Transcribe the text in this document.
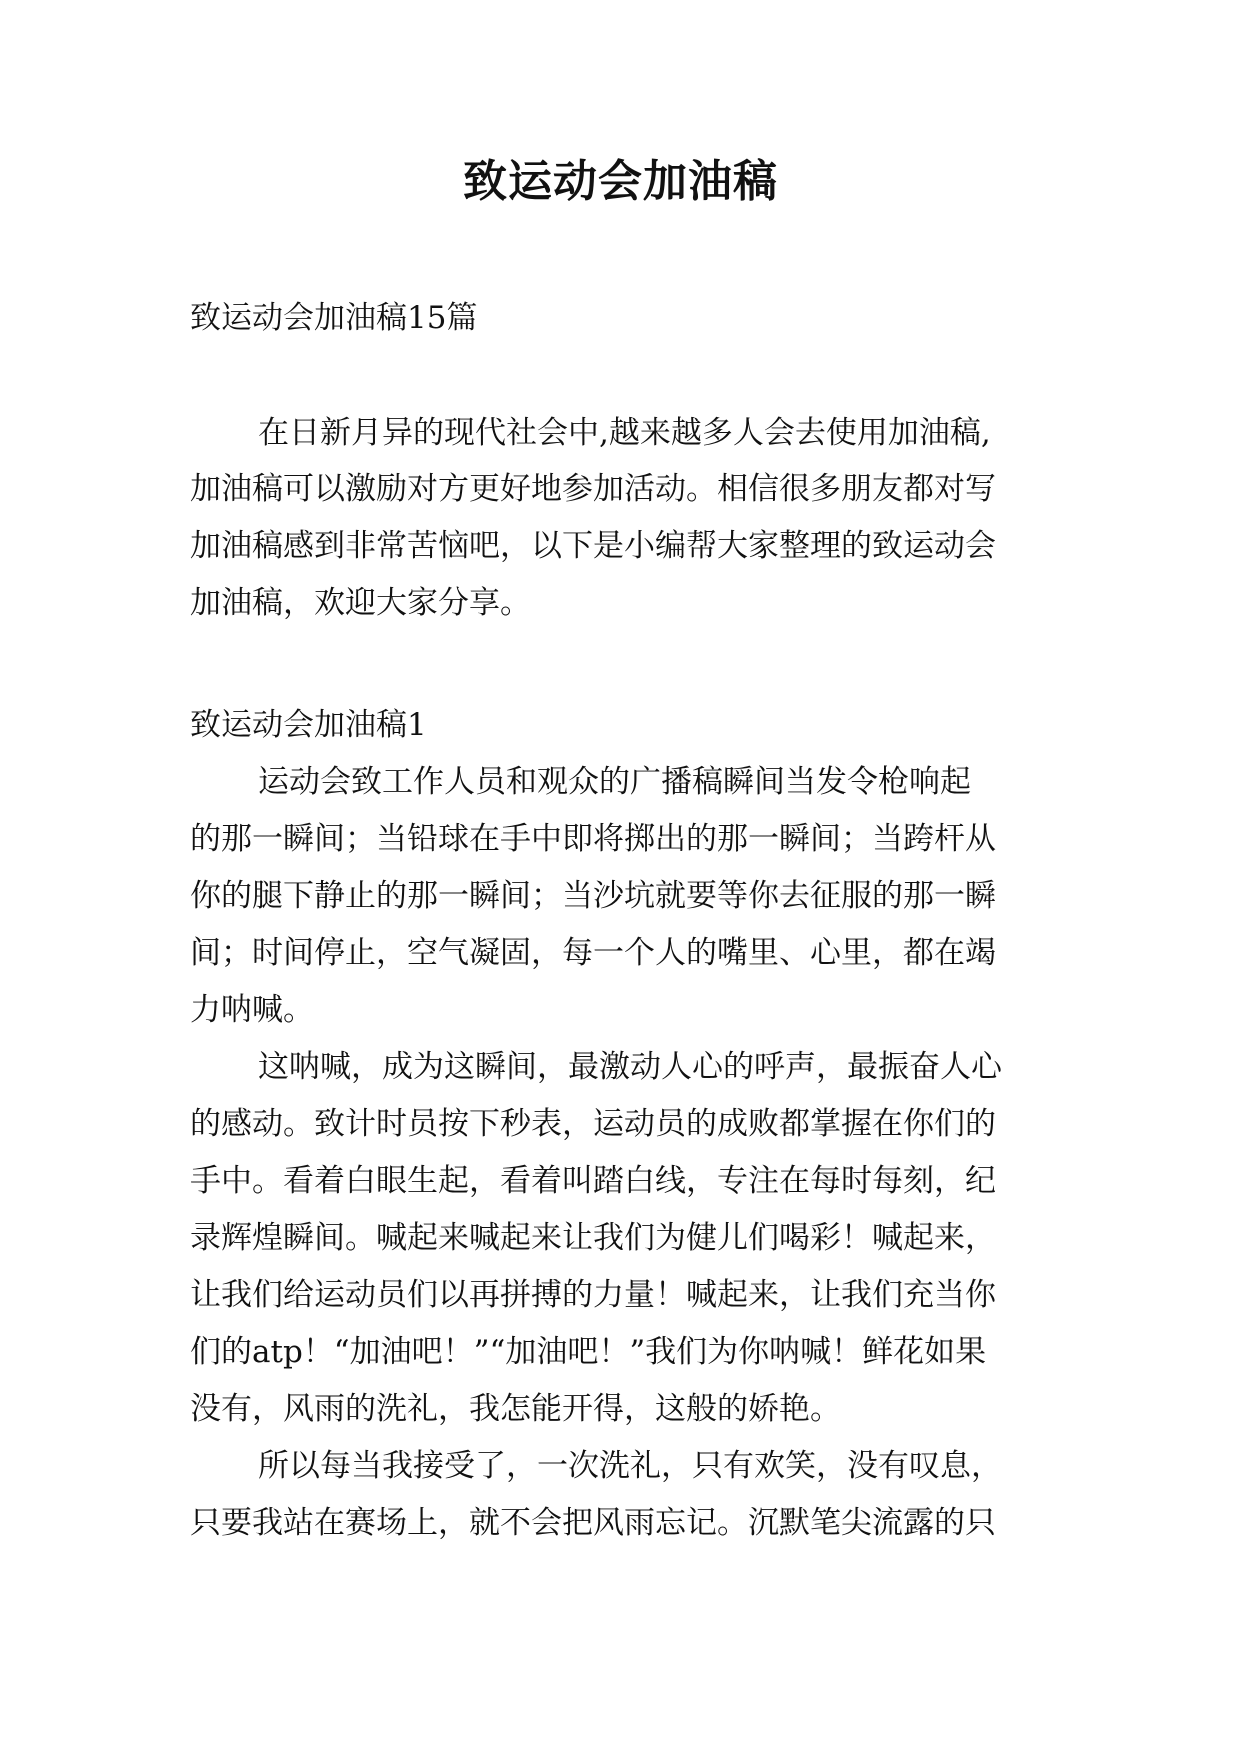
致运动会加油稿
致运动会加油稿15篇
在日新月异的现代社会中,越来越多人会去使用加油稿,
加油稿可以激励对方更好地参加活动。相信很多朋友都对写
加油稿感到非常苦恼吧，以下是小编帮大家整理的致运动会
加油稿，欢迎大家分享。
致运动会加油稿1
运动会致工作人员和观众的广播稿瞬间当发令枪响起
的那一瞬间；当铅球在手中即将掷出的那一瞬间；当跨杆从
你的腿下静止的那一瞬间；当沙坑就要等你去征服的那一瞬
间；时间停止，空气凝固，每一个人的嘴里、心里，都在竭
力呐喊。
这呐喊，成为这瞬间，最激动人心的呼声，最振奋人心
的感动。致计时员按下秒表，运动员的成败都掌握在你们的
手中。看着白眼生起，看着叫踏白线，专注在每时每刻，纪
录辉煌瞬间。喊起来喊起来让我们为健儿们喝彩！喊起来，
让我们给运动员们以再拼搏的力量！喊起来，让我们充当你
们的atp！“加油吧！”“加油吧！”我们为你呐喊！鲜花如果
没有，风雨的洗礼，我怎能开得，这般的娇艳。
所以每当我接受了，一次洗礼，只有欢笑，没有叹息，
只要我站在赛场上，就不会把风雨忘记。沉默笔尖流露的只
